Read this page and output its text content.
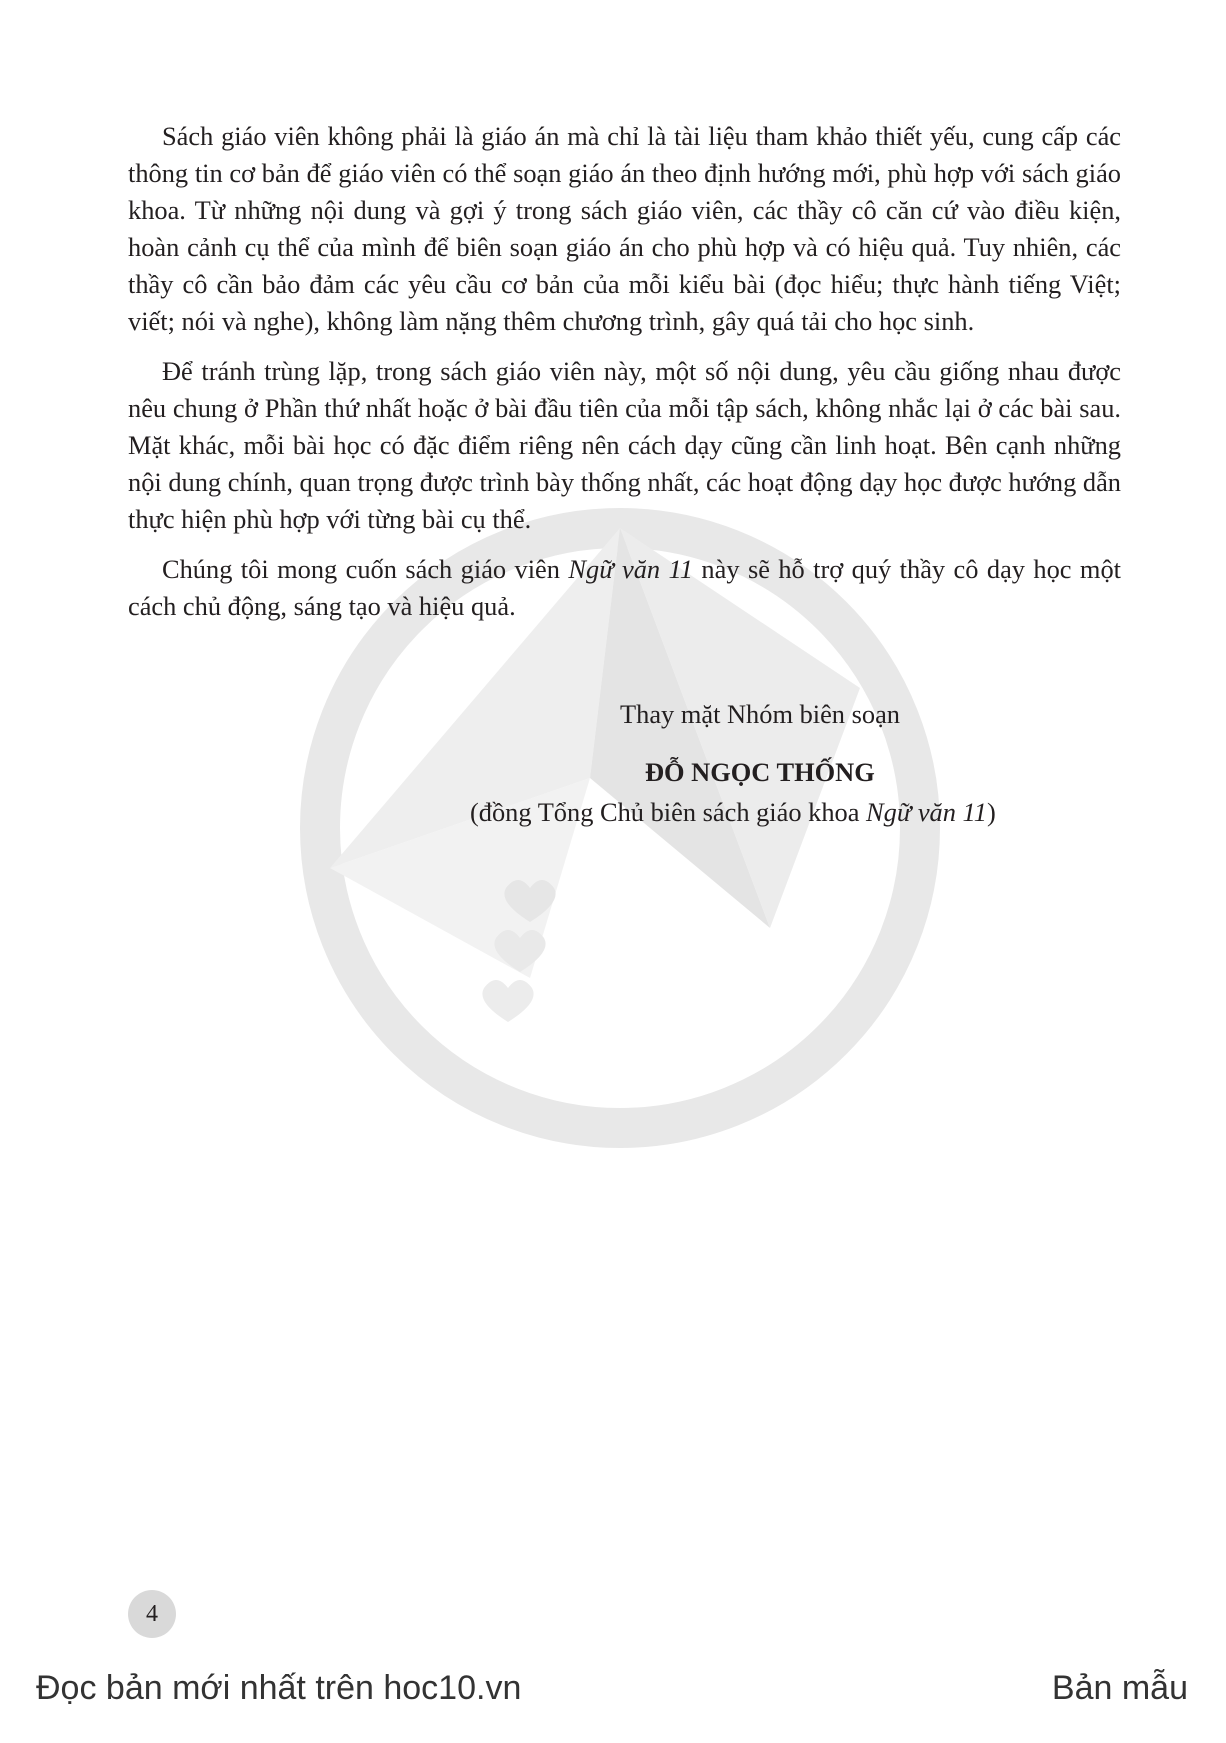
Sách giáo viên không phải là giáo án mà chỉ là tài liệu tham khảo thiết yếu, cung cấp các thông tin cơ bản để giáo viên có thể soạn giáo án theo định hướng mới, phù hợp với sách giáo khoa. Từ những nội dung và gợi ý trong sách giáo viên, các thầy cô căn cứ vào điều kiện, hoàn cảnh cụ thể của mình để biên soạn giáo án cho phù hợp và có hiệu quả. Tuy nhiên, các thầy cô cần bảo đảm các yêu cầu cơ bản của mỗi kiểu bài (đọc hiểu; thực hành tiếng Việt; viết; nói và nghe), không làm nặng thêm chương trình, gây quá tải cho học sinh.

Để tránh trùng lặp, trong sách giáo viên này, một số nội dung, yêu cầu giống nhau được nêu chung ở Phần thứ nhất hoặc ở bài đầu tiên của mỗi tập sách, không nhắc lại ở các bài sau. Mặt khác, mỗi bài học có đặc điểm riêng nên cách dạy cũng cần linh hoạt. Bên cạnh những nội dung chính, quan trọng được trình bày thống nhất, các hoạt động dạy học được hướng dẫn thực hiện phù hợp với từng bài cụ thể.

Chúng tôi mong cuốn sách giáo viên Ngữ văn 11 này sẽ hỗ trợ quý thầy cô dạy học một cách chủ động, sáng tạo và hiệu quả.

Thay mặt Nhóm biên soạn
ĐỖ NGỌC THỐNG
(đồng Tổng Chủ biên sách giáo khoa Ngữ văn 11)
4
Đọc bản mới nhất trên hoc10.vn	Bản mẫu
